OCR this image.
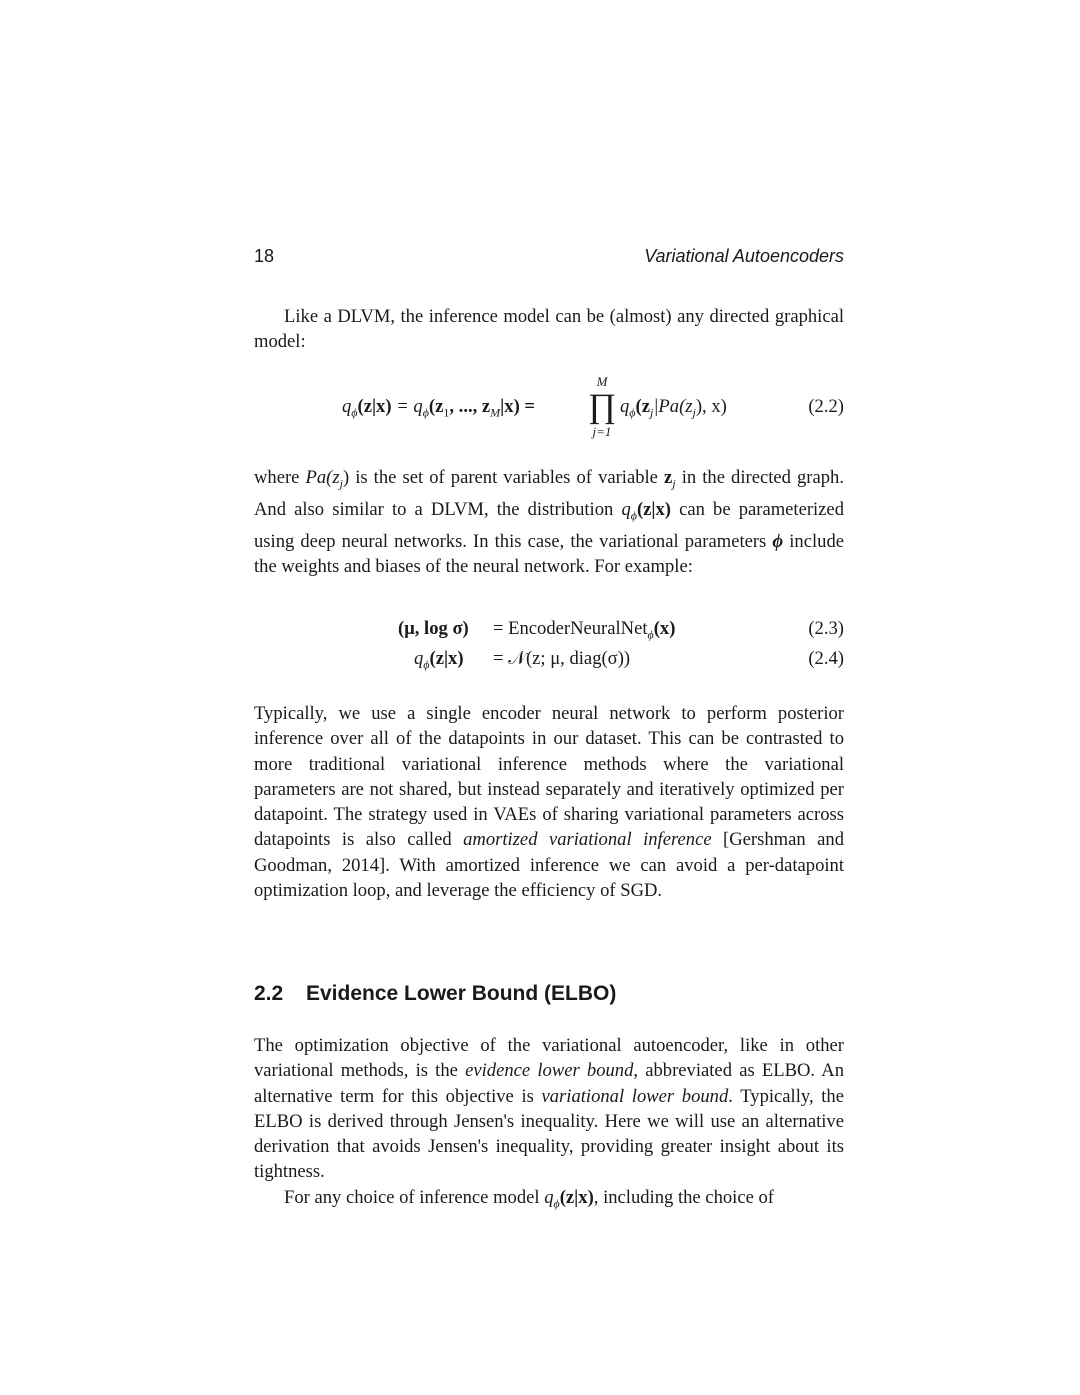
18	Variational Autoencoders

Like a DLVM, the inference model can be (almost) any directed graphical model:

$q_\phi(z|x) = q_\phi(z_1$, ..., $z_M|x$) =
M
∏
j=1
$q_\phi(z_j|Pa(z_j)$, x)	(2.2)

where $Pa(z_j)$ is the set of parent variables of variable $z_j$ in the directed graph. And also similar to a DLVM, the distribution $q_\phi(z|x)$ can be parameterized using deep neural networks. In this case, the variational parameters ϕ include the weights and biases of the neural network. For example:

(μ, log σ) = EncoderNeuralNet$_\phi$(x)	(2.3)
$q_\phi(z|x)$ = 𝒩(z; μ, diag(σ))	(2.4)

Typically, we use a single encoder neural network to perform posterior inference over all of the datapoints in our dataset. This can be contrasted to more traditional variational inference methods where the variational parameters are not shared, but instead separately and iteratively optimized per datapoint. The strategy used in VAEs of sharing variational parameters across datapoints is also called amortized variational inference [Gershman and Goodman, 2014]. With amortized inference we can avoid a per-datapoint optimization loop, and leverage the efficiency of SGD.

2.2 Evidence Lower Bound (ELBO)

The optimization objective of the variational autoencoder, like in other variational methods, is the evidence lower bound, abbreviated as ELBO. An alternative term for this objective is variational lower bound. Typically, the ELBO is derived through Jensen's inequality. Here we will use an alternative derivation that avoids Jensen's inequality, providing greater insight about its tightness.

For any choice of inference model $q_\phi(z|x)$, including the choice of
